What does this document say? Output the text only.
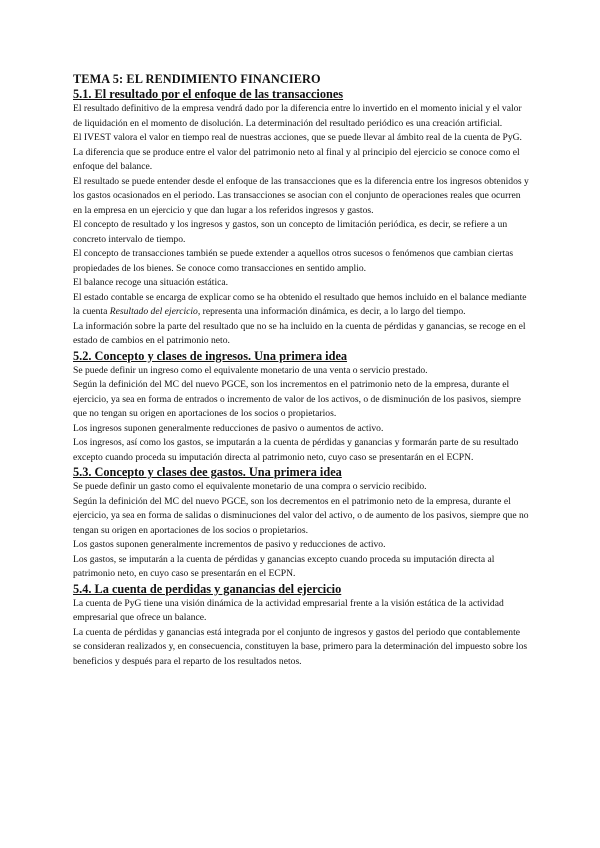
TEMA 5: EL RENDIMIENTO FINANCIERO
5.1. El resultado por el enfoque de las transacciones

El resultado definitivo de la empresa vendrá dado por la diferencia entre lo invertido en el momento inicial y el valor de liquidación en el momento de disolución. La determinación del resultado periódico es una creación artificial.

El IVEST valora el valor en tiempo real de nuestras acciones, que se puede llevar al ámbito real de la cuenta de PyG.

La diferencia que se produce entre el valor del patrimonio neto al final y al principio del ejercicio se conoce como el enfoque del balance.

El resultado se puede entender desde el enfoque de las transacciones que es la diferencia entre los ingresos obtenidos y los gastos ocasionados en el periodo. Las transacciones se asocian con el conjunto de operaciones reales que ocurren en la empresa en un ejercicio y que dan lugar a los referidos ingresos y gastos.

El concepto de resultado y los ingresos y gastos, son un concepto de limitación periódica, es decir, se refiere a un concreto intervalo de tiempo.

El concepto de transacciones también se puede extender a aquellos otros sucesos o fenómenos que cambian ciertas propiedades de los bienes. Se conoce como transacciones en sentido amplio.

El balance recoge una situación estática.

El estado contable se encarga de explicar como se ha obtenido el resultado que hemos incluido en el balance mediante la cuenta Resultado del ejercicio, representa una información dinámica, es decir, a lo largo del tiempo.

La información sobre la parte del resultado que no se ha incluido en la cuenta de pérdidas y ganancias, se recoge en el estado de cambios en el patrimonio neto.

5.2. Concepto y clases de ingresos. Una primera idea

Se puede definir un ingreso como el equivalente monetario de una venta o servicio prestado.

Según la definición del MC del nuevo PGCE, son los incrementos en el patrimonio neto de la empresa, durante el ejercicio, ya sea en forma de entrados o incremento de valor de los activos, o de disminución de los pasivos, siempre que no tengan su origen en aportaciones de los socios o propietarios.

Los ingresos suponen generalmente reducciones de pasivo o aumentos de activo.

Los ingresos, así como los gastos, se imputarán a la cuenta de pérdidas y ganancias y formarán parte de su resultado excepto cuando proceda su imputación directa al patrimonio neto, cuyo caso se presentarán en el ECPN.

5.3. Concepto y clases dee gastos. Una primera idea

Se puede definir un gasto como el equivalente monetario de una compra o servicio recibido.

Según la definición del MC del nuevo PGCE, son los decrementos en el patrimonio neto de la empresa, durante el ejercicio, ya sea en forma de salidas o disminuciones del valor del activo, o de aumento de los pasivos, siempre que no tengan su origen en aportaciones de los socios o propietarios.

Los gastos suponen generalmente incrementos de pasivo y reducciones de activo.

Los gastos, se imputarán a la cuenta de pérdidas y ganancias excepto cuando proceda su imputación directa al patrimonio neto, en cuyo caso se presentarán en el ECPN.

5.4. La cuenta de perdidas y ganancias del ejercicio

La cuenta de PyG tiene una visión dinámica de la actividad empresarial frente a la visión estática de la actividad empresarial que ofrece un balance.

La cuenta de pérdidas y ganancias está integrada por el conjunto de ingresos y gastos del periodo que contablemente se consideran realizados y, en consecuencia, constituyen la base, primero para la determinación del impuesto sobre los beneficios y después para el reparto de los resultados netos.
